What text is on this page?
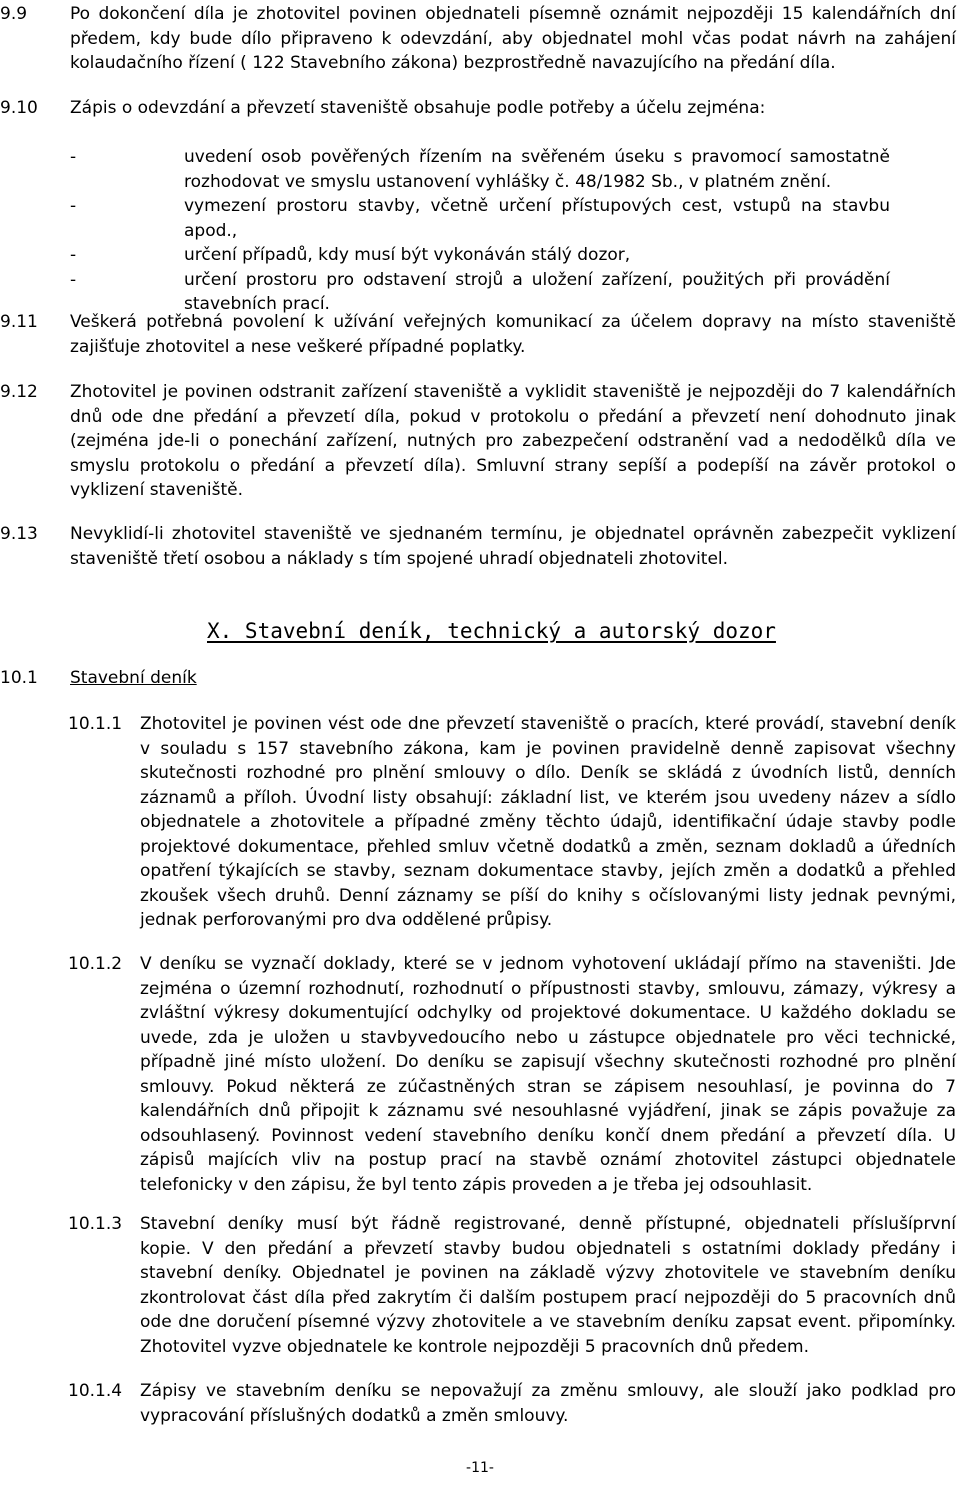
9.9	Po dokončení díla je zhotovitel povinen objednateli písemně oznámit nejpozději 15 kalendářních dní
předem, kdy bude dílo připraveno k odevzdání, aby objednatel mohl včas podat návrh na zahájení
kolaudačního řízení ( 122 Stavebního zákona) bezprostředně navazujícího na předání díla.
9.10	Zápis o odevzdání a převzetí staveniště obsahuje podle potřeby a účelu zejména:
-	uvedení osob pověřených řízením na svěřeném úseku s pravomocí samostatně
rozhodovat ve smyslu ustanovení vyhlášky č. 48/1982 Sb., v platném znění.
-	vymezení prostoru stavby, včetně určení přístupových cest, vstupů na stavbu apod.,
-	určení případů, kdy musí být vykonáván stálý dozor,
-	určení prostoru pro odstavení strojů a uložení zařízení, použitých při provádění
stavebních prací.
9.11	Veškerá potřebná povolení k užívání veřejných komunikací za účelem dopravy na místo staveniště
zajišťuje zhotovitel a nese veškeré případné poplatky.
9.12	Zhotovitel je povinen odstranit zařízení staveniště a vyklidit staveniště je nejpozději do 7 kalendářních
dnů ode dne předání a převzetí díla, pokud v protokolu o předání a převzetí není dohodnuto jinak
(zejména jde-li o ponechání zařízení, nutných pro zabezpečení odstranění vad a nedodělků díla ve
smyslu protokolu o předání a převzetí díla). Smluvní strany sepíší a podepíší na závěr protokol o
vyklizení staveniště.
9.13	Nevyklidí-li zhotovitel staveniště ve sjednaném termínu, je objednatel oprávněn zabezpečit vyklizení
staveniště třetí osobou a náklady s tím spojené uhradí objednateli zhotovitel.
X. Stavební deník, technický a autorský dozor
10.1	Stavební deník
10.1.1	Zhotovitel je povinen vést ode dne převzetí staveniště o pracích, které provádí, stavební deník
v souladu s 157 stavebního zákona, kam je povinen pravidelně denně zapisovat všechny
skutečnosti rozhodné pro plnění smlouvy o dílo. Deník se skládá z úvodních listů, denních
záznamů a příloh. Úvodní listy obsahují: základní list, ve kterém jsou uvedeny název a sídlo
objednatele a zhotovitele a případné změny těchto údajů, identifikační údaje stavby podle
projektové dokumentace, přehled smluv včetně dodatků a změn, seznam dokladů a úředních
opatření týkajících se stavby, seznam dokumentace stavby, jejích změn a dodatků a přehled
zkoušek všech druhů. Denní záznamy se píší do knihy s očíslovanými listy jednak pevnými,
jednak perforovanými pro dva oddělené průpisy.
10.1.2	V deníku se vyznačí doklady, které se v jednom vyhotovení ukládají přímo na staveništi. Jde
zejména o územní rozhodnutí, rozhodnutí o přípustnosti stavby, smlouvu, zámazy, výkresy a
zvláštní výkresy dokumentující odchylky od projektové dokumentace. U každého dokladu se
uvede, zda je uložen u stavbyvedoucího nebo u zástupce objednatele pro věci technické,
případně jiné místo uložení. Do deníku se zapisují všechny skutečnosti rozhodné pro plnění
smlouvy. Pokud některá ze zúčastněných stran se zápisem nesouhlasí, je povinna do 7
kalendářních dnů připojit k záznamu své nesouhlasné vyjádření, jinak se zápis považuje za
odsouhlasený. Povinnost vedení stavebního deníku končí dnem předání a převzetí díla. U
zápisů majících vliv na postup prací na stavbě oznámí zhotovitel zástupci objednatele
telefonicky v den zápisu, že byl tento zápis proveden a je třeba jej odsouhlasit.
10.1.3	Stavební deníky musí být řádně registrované, denně přístupné, objednateli příslušíprvní
kopie. V den předání a převzetí stavby budou objednateli s ostatními doklady předány i
stavební deníky. Objednatel je povinen na základě výzvy zhotovitele ve stavebním deníku
zkontrolovat část díla před zakrytím či dalším postupem prací nejpozději do 5 pracovních dnů
ode dne doručení písemné výzvy zhotovitele a ve stavebním deníku zapsat event. připomínky.
Zhotovitel vyzve objednatele ke kontrole nejpozději 5 pracovních dnů předem.
10.1.4	Zápisy ve stavebním deníku se nepovažují za změnu smlouvy, ale slouží jako podklad pro
vypracování příslušných dodatků a změn smlouvy.
-11-
